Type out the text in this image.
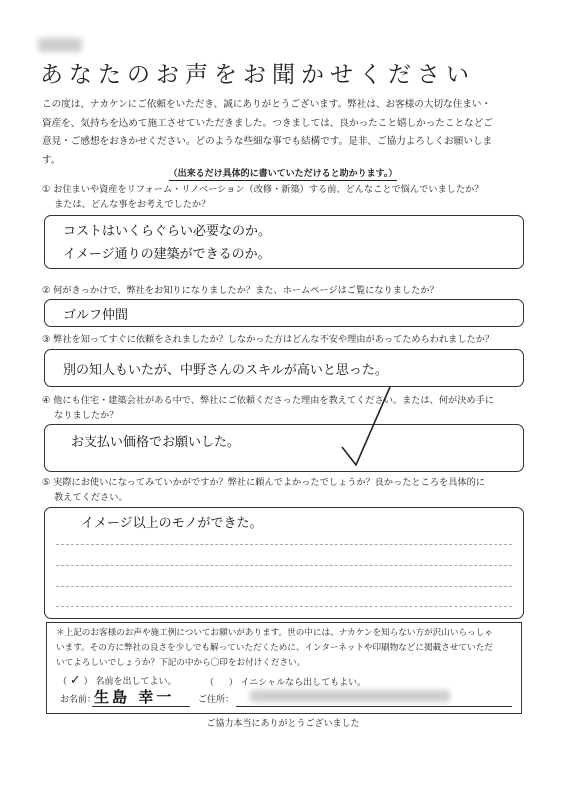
あなたのお声をお聞かせください
この度は、ナカケンにご依頼をいただき、誠にありがとうございます。弊社は、お客様の大切な住まい・
資産を、気持ちを込めて施工させていただきました。つきましては、良かったこと嬉しかったことなどご
意見・ご感想をおきかせください。どのような些細な事でも結構です。是非、ご協力よろしくお願いしま
す。
（出来るだけ具体的に書いていただけると助かります。）
① お住まいや資産をリフォーム・リノベーション（改修・新築）する前、どんなことで悩んでいましたか？
　 または、どんな事をお考えでしたか？
コストはいくらぐらい必要なのか。
イメージ通りの建築ができるのか。
② 何がきっかけで、弊社をお知りになりましたか？また、ホームページはご覧になりましたか？
ゴルフ仲間
③ 弊社を知ってすぐに依頼をされましたか？しなかった方はどんな不安や理由があってためらわれましたか？
別の知人もいたが、中野さんのスキルが高いと思った。
④ 他にも住宅・建築会社がある中で、弊社にご依頼くださった理由を教えてください。または、何が決め手に
　 なりましたか？
お支払い価格でお願いした。
⑤ 実際にお使いになってみていかがですか？弊社に頼んでよかったでしょうか？良かったところを具体的に
　 教えてください。
イメージ以上のモノができた。
＊上記のお客様のお声や施工例についてお願いがあります。世の中には、ナカケンを知らない方が沢山いらっしゃ
います。その方に弊社の良さを少しでも解っていただくために、インターネットや印刷物などに掲載させていただ
いてよろしいでしょうか？下記の中から〇印をお付けください。
（ ✓ ） 名前を出してよい。	（ 　 ） イニシャルなら出してもよい。
お名前：
生島 幸一	ご住所：
ご協力本当にありがとうございました
